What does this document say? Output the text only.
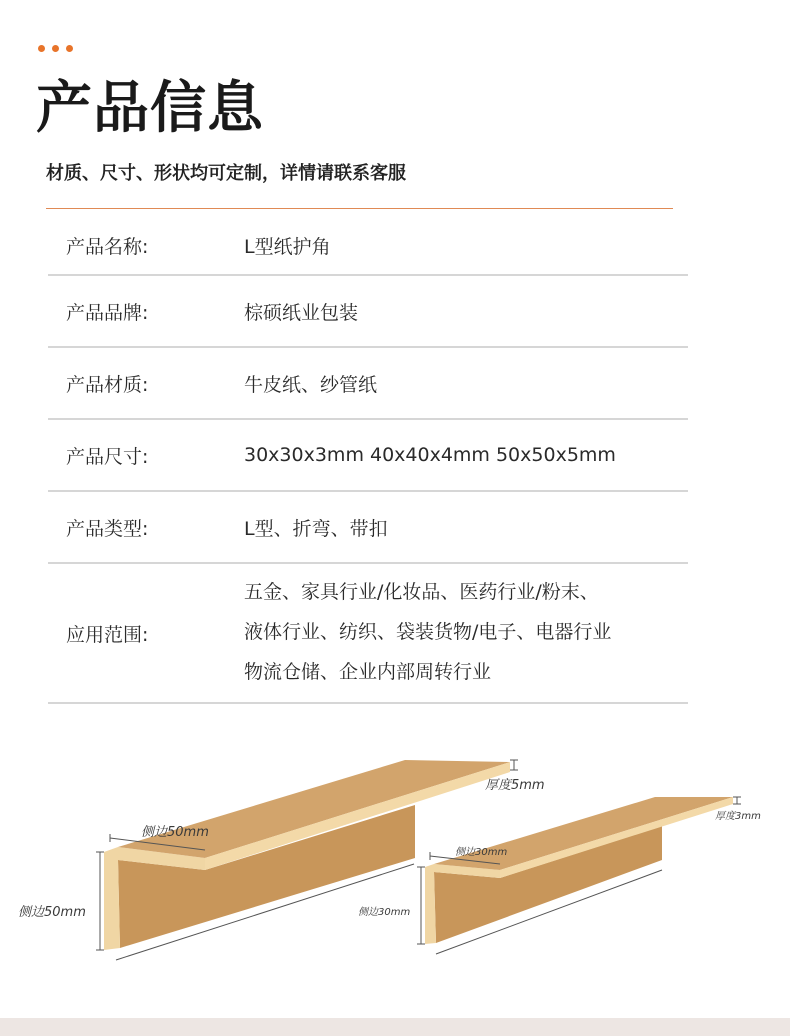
产品信息

材质、尺寸、形状均可定制，详情请联系客服

产品名称:	L型纸护角
产品品牌:	棕硕纸业包装
产品材质:	牛皮纸、纱管纸
产品尺寸:	30x30x3mm 40x40x4mm 50x50x5mm
产品类型:	L型、折弯、带扣
应用范围:
五金、家具行业/化妆品、医药行业/粉末、
液体行业、纺织、袋装货物/电子、电器行业
物流仓储、企业内部周转行业
侧边50mm
侧边50mm
厚度5mm
侧边30mm
侧边30mm
厚度3mm
